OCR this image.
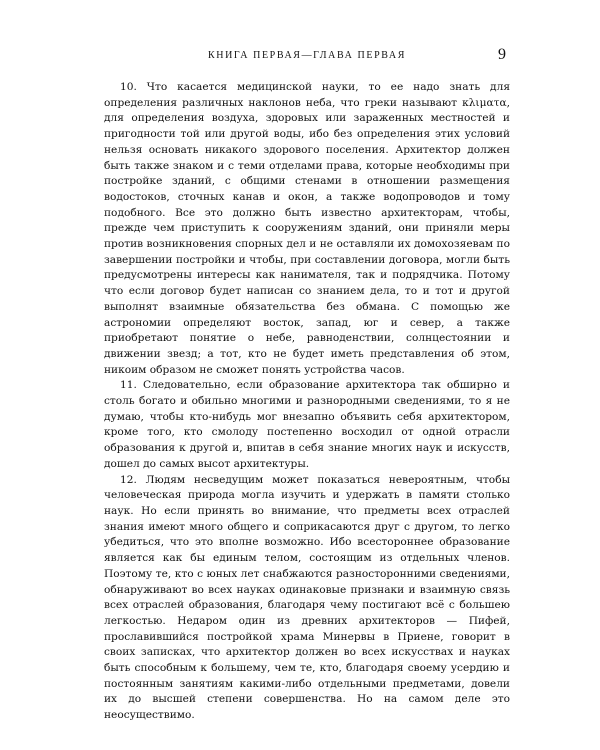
КНИГА ПЕРВАЯ—ГЛАВА ПЕРВАЯ	9

10. Что касается медицинской науки, то ее надо знать для определения различных наклонов неба, что греки называют κλιματα, для определения воздуха, здоровых или зараженных местностей и пригодности той или другой воды, ибо без определения этих условий нельзя основать никакого здорового поселения. Архитектор должен быть также знаком и с теми отделами права, которые необходимы при постройке зданий, с общими стенами в отношении размещения водостоков, сточных канав и окон, а также водопроводов и тому подобного. Все это должно быть известно архитекторам, чтобы, прежде чем приступить к сооружениям зданий, они приняли меры против возникновения спорных дел и не оставляли их домохозяевам по завершении постройки и чтобы, при составлении договора, могли быть предусмотрены интересы как нанимателя, так и подрядчика. Потому что если договор будет написан со знанием дела, то и тот и другой выполнят взаимные обязательства без обмана. С помощью же астрономии определяют восток, запад, юг и север, а также приобретают понятие о небе, равноденствии, солнцестоянии и движении звезд; а тот, кто не будет иметь представления об этом, никоим образом не сможет понять устройства часов.

11. Следовательно, если образование архитектора так обширно и столь богато и обильно многими и разнородными сведениями, то я не думаю, чтобы кто-нибудь мог внезапно объявить себя архитектором, кроме того, кто смолоду постепенно восходил от одной отрасли образования к другой и, впитав в себя знание многих наук и искусств, дошел до самых высот архитектуры.

12. Людям несведущим может показаться невероятным, чтобы человеческая природа могла изучить и удержать в памяти столько наук. Но если принять во внимание, что предметы всех отраслей знания имеют много общего и соприкасаются друг с другом, то легко убедиться, что это вполне возможно. Ибо всестороннее образование является как бы единым телом, состоящим из отдельных членов. Поэтому те, кто с юных лет снабжаются разносторонними сведениями, обнаруживают во всех науках одинаковые признаки и взаимную связь всех отраслей образования, благодаря чему постигают всё с большею легкостью. Недаром один из древних архитекторов — Пифей, прославившийся постройкой храма Минервы в Приене, говорит в своих записках, что архитектор должен во всех искусствах и науках быть способным к большему, чем те, кто, благодаря своему усердию и постоянным занятиям какими-либо отдельными предметами, довели их до высшей степени совершенства. Но на самом деле это неосуществимо.
